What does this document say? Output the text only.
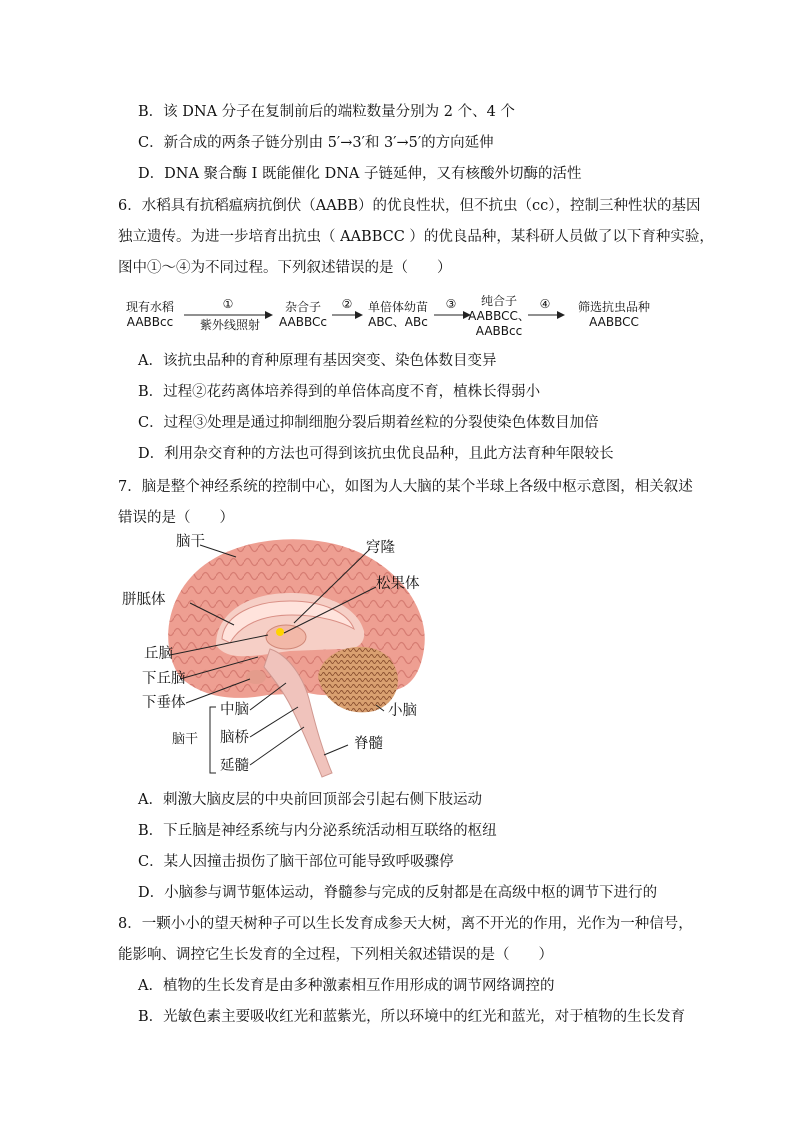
B．该 DNA 分子在复制前后的端粒数量分别为 2 个、4 个
C．新合成的两条子链分别由 5′→3′和 3′→5′的方向延伸
D．DNA 聚合酶 I 既能催化 DNA 子链延伸，又有核酸外切酶的活性
6．水稻具有抗稻瘟病抗倒伏（AABB）的优良性状，但不抗虫（cc），控制三种性状的基因
独立遗传。为进一步培育出抗虫（ AABBCC ）的优良品种，某科研人员做了以下育种实验，
图中①～④为不同过程。下列叙述错误的是（　　）
现有水稻
AABBcc
①
紫外线照射
杂合子
AABBCc
②	单倍体幼苗
ABC、ABc
③	纯合子
AABBCC、
AABBcc
④	筛选抗虫品种
AABBCC
A．该抗虫品种的育种原理有基因突变、染色体数目变异
B．过程②花药离体培养得到的单倍体高度不育，植株长得弱小
C．过程③处理是通过抑制细胞分裂后期着丝粒的分裂使染色体数目加倍
D．利用杂交育种的方法也可得到该抗虫优良品种，且此方法育种年限较长
7．脑是整个神经系统的控制中心，如图为人大脑的某个半球上各级中枢示意图，相关叙述
错误的是（　　）
脑干
胼胝体
穹隆
松果体
丘脑
下丘脑
下垂体	小脑
中脑
脑桥
延髓
脊髓
脑干
A．刺激大脑皮层的中央前回顶部会引起右侧下肢运动
B．下丘脑是神经系统与内分泌系统活动相互联络的枢纽
C．某人因撞击损伤了脑干部位可能导致呼吸骤停
D．小脑参与调节躯体运动，脊髓参与完成的反射都是在高级中枢的调节下进行的
8．一颗小小的望天树种子可以生长发育成参天大树，离不开光的作用，光作为一种信号，
能影响、调控它生长发育的全过程，下列相关叙述错误的是（　　）
A．植物的生长发育是由多种激素相互作用形成的调节网络调控的
B．光敏色素主要吸收红光和蓝紫光，所以环境中的红光和蓝光，对于植物的生长发育
